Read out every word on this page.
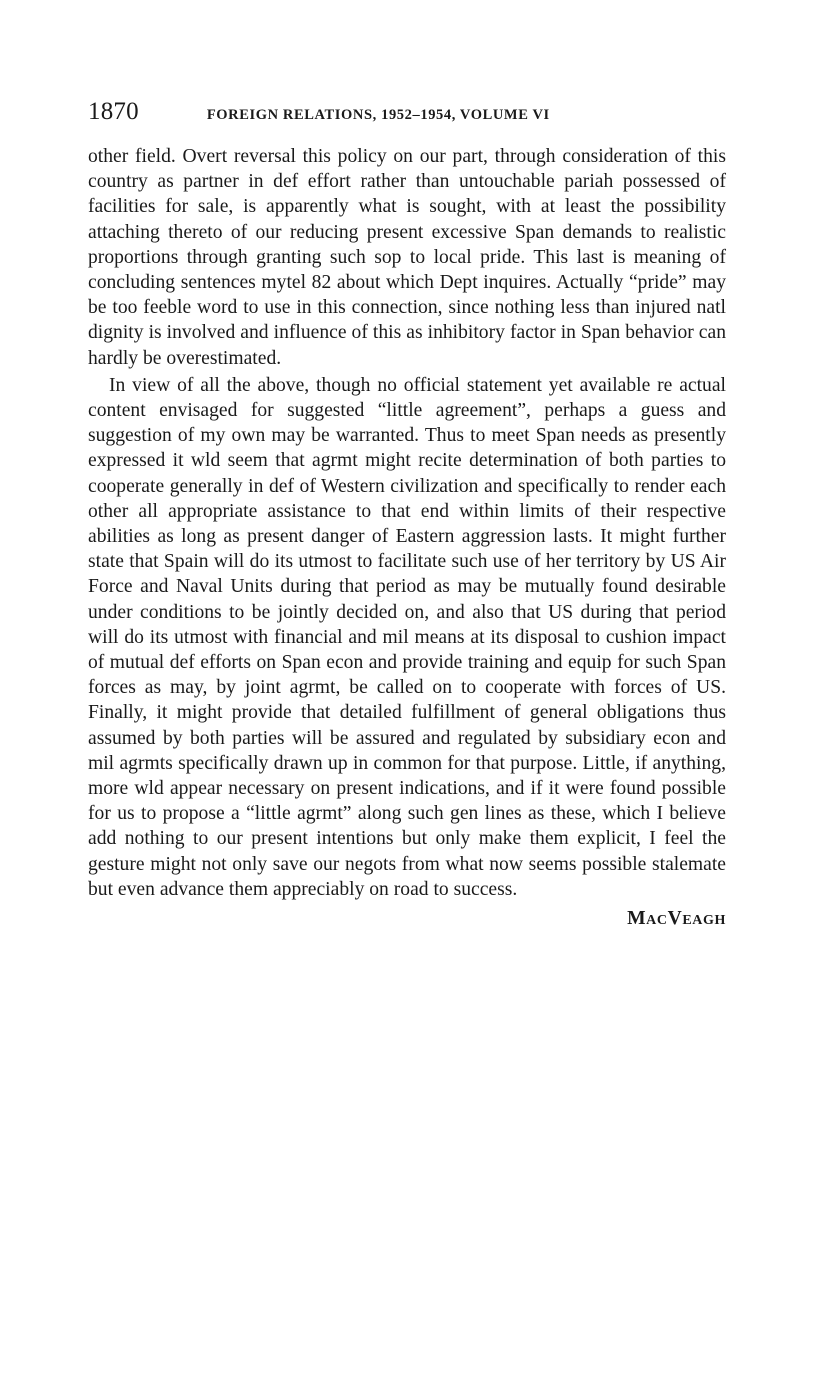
1870	FOREIGN RELATIONS, 1952–1954, VOLUME VI

other field. Overt reversal this policy on our part, through consideration of this country as partner in def effort rather than untouchable pariah possessed of facilities for sale, is apparently what is sought, with at least the possibility attaching thereto of our reducing present excessive Span demands to realistic proportions through granting such sop to local pride. This last is meaning of concluding sentences mytel 82 about which Dept inquires. Actually “pride” may be too feeble word to use in this connection, since nothing less than injured natl dignity is involved and influence of this as inhibitory factor in Span behavior can hardly be overestimated.

In view of all the above, though no official statement yet available re actual content envisaged for suggested “little agreement”, perhaps a guess and suggestion of my own may be warranted. Thus to meet Span needs as presently expressed it wld seem that agrmt might recite determination of both parties to cooperate generally in def of Western civilization and specifically to render each other all appropriate assistance to that end within limits of their respective abilities as long as present danger of Eastern aggression lasts. It might further state that Spain will do its utmost to facilitate such use of her territory by US Air Force and Naval Units during that period as may be mutually found desirable under conditions to be jointly decided on, and also that US during that period will do its utmost with financial and mil means at its disposal to cushion impact of mutual def efforts on Span econ and provide training and equip for such Span forces as may, by joint agrmt, be called on to cooperate with forces of US. Finally, it might provide that detailed fulfillment of general obligations thus assumed by both parties will be assured and regulated by subsidiary econ and mil agrmts specifically drawn up in common for that purpose. Little, if anything, more wld appear necessary on present indications, and if it were found possible for us to propose a “little agrmt” along such gen lines as these, which I believe add nothing to our present intentions but only make them explicit, I feel the gesture might not only save our negots from what now seems possible stalemate but even advance them appreciably on road to success.

MacVeagh
